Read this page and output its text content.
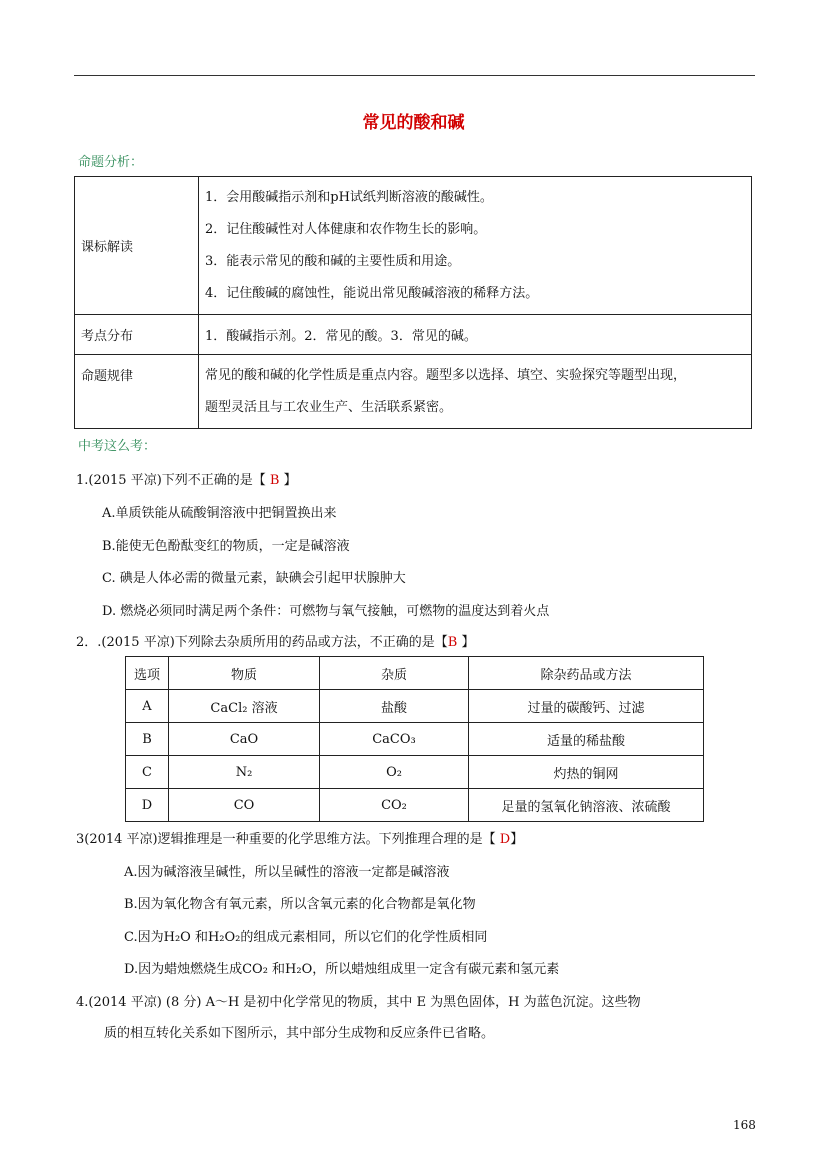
常见的酸和碱
命题分析：
课标解读	1．会用酸碱指示剂和pH试纸判断溶液的酸碱性。
2．记住酸碱性对人体健康和农作物生长的影响。
3．能表示常见的酸和碱的主要性质和用途。
4．记住酸碱的腐蚀性，能说出常见酸碱溶液的稀释方法。

考点分布	1．酸碱指示剂。2．常见的酸。3．常见的碱。
命题规律	常见的酸和碱的化学性质是重点内容。题型多以选择、填空、实验探究等题型出现，
题型灵活且与工农业生产、生活联系紧密。
中考这么考：
1.(2015 平凉)下列不正确的是【 B 】
A.单质铁能从硫酸铜溶液中把铜置换出来
B.能使无色酚酞变红的物质，一定是碱溶液
C. 碘是人体必需的微量元素，缺碘会引起甲状腺肿大
D. 燃烧必须同时满足两个条件：可燃物与氧气接触，可燃物的温度达到着火点
2．.(2015 平凉)下列除去杂质所用的药品或方法，不正确的是【B 】
选项	物质	杂质	除杂药品或方法
A	CaCl₂ 溶液	盐酸	过量的碳酸钙、过滤
B	CaO	CaCO₃	适量的稀盐酸
C	N₂	O₂	灼热的铜网
D	CO	CO₂	足量的氢氧化钠溶液、浓硫酸
3(2014 平凉)逻辑推理是一种重要的化学思维方法。下列推理合理的是【 D】
A.因为碱溶液呈碱性，所以呈碱性的溶液一定都是碱溶液
B.因为氧化物含有氧元素，所以含氧元素的化合物都是氧化物
C.因为H₂O 和H₂O₂的组成元素相同，所以它们的化学性质相同
D.因为蜡烛燃烧生成CO₂ 和H₂O，所以蜡烛组成里一定含有碳元素和氢元素
4.(2014 平凉) (8 分) A～H 是初中化学常见的物质，其中 E 为黑色固体，H 为蓝色沉淀。这些物
质的相互转化关系如下图所示，其中部分生成物和反应条件已省略。
168
